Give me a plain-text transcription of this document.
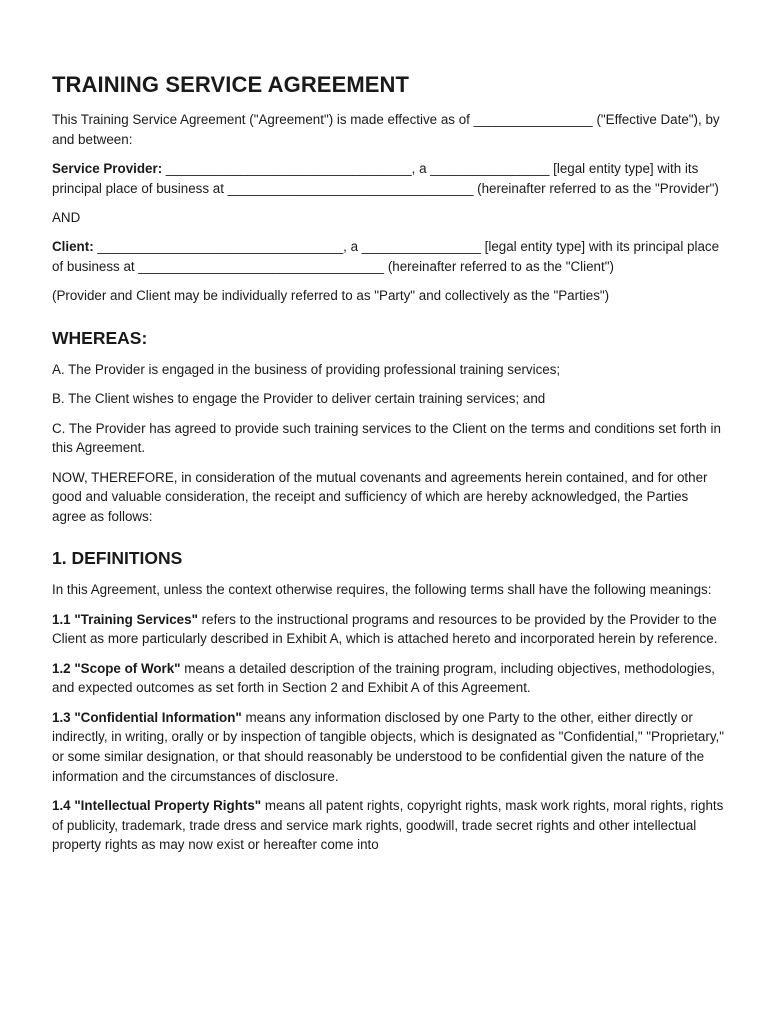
TRAINING SERVICE AGREEMENT

This Training Service Agreement ("Agreement") is made effective as of ________________ ("Effective Date"), by and between:

Service Provider: _________________________________, a ________________ [legal entity type] with its principal place of business at _________________________________ (hereinafter referred to as the "Provider")

AND

Client: _________________________________, a ________________ [legal entity type] with its principal place of business at _________________________________ (hereinafter referred to as the "Client")

(Provider and Client may be individually referred to as "Party" and collectively as the "Parties")

WHEREAS:

A. The Provider is engaged in the business of providing professional training services;

B. The Client wishes to engage the Provider to deliver certain training services; and

C. The Provider has agreed to provide such training services to the Client on the terms and conditions set forth in this Agreement.

NOW, THEREFORE, in consideration of the mutual covenants and agreements herein contained, and for other good and valuable consideration, the receipt and sufficiency of which are hereby acknowledged, the Parties agree as follows:

1. DEFINITIONS

In this Agreement, unless the context otherwise requires, the following terms shall have the following meanings:

1.1 "Training Services" refers to the instructional programs and resources to be provided by the Provider to the Client as more particularly described in Exhibit A, which is attached hereto and incorporated herein by reference.

1.2 "Scope of Work" means a detailed description of the training program, including objectives, methodologies, and expected outcomes as set forth in Section 2 and Exhibit A of this Agreement.

1.3 "Confidential Information" means any information disclosed by one Party to the other, either directly or indirectly, in writing, orally or by inspection of tangible objects, which is designated as "Confidential," "Proprietary," or some similar designation, or that should reasonably be understood to be confidential given the nature of the information and the circumstances of disclosure.

1.4 "Intellectual Property Rights" means all patent rights, copyright rights, mask work rights, moral rights, rights of publicity, trademark, trade dress and service mark rights, goodwill, trade secret rights and other intellectual property rights as may now exist or hereafter come into
